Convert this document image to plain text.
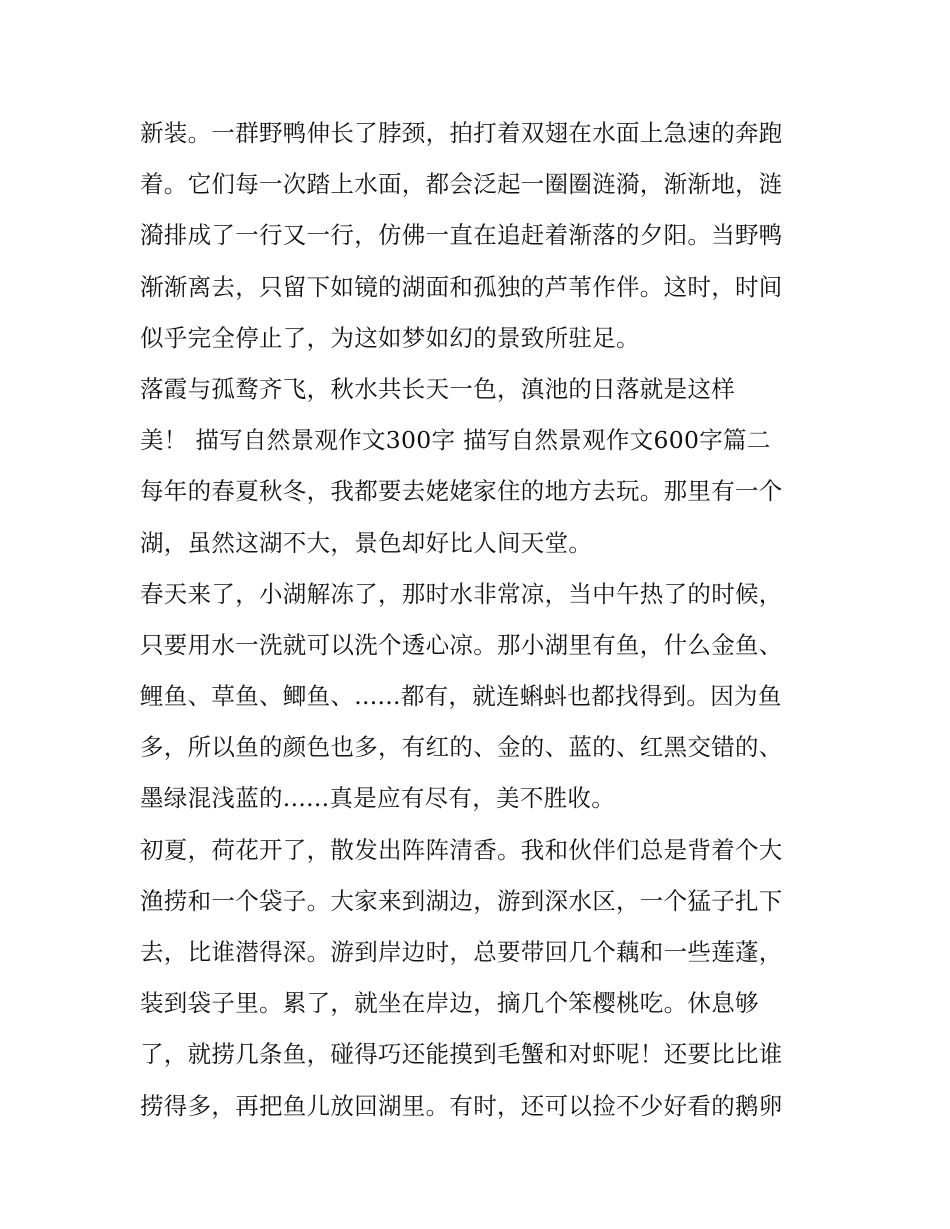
新装。一群野鸭伸长了脖颈，拍打着双翅在水面上急速的奔跑
着。它们每一次踏上水面，都会泛起一圈圈涟漪，渐渐地，涟
漪排成了一行又一行，仿佛一直在追赶着渐落的夕阳。当野鸭
渐渐离去，只留下如镜的湖面和孤独的芦苇作伴。这时，时间
似乎完全停止了，为这如梦如幻的景致所驻足。
落霞与孤鹜齐飞，秋水共长天一色，滇池的日落就是这样
美！ 描写自然景观作文300字 描写自然景观作文600字篇二
每年的春夏秋冬，我都要去姥姥家住的地方去玩。那里有一个
湖，虽然这湖不大，景色却好比人间天堂。
春天来了，小湖解冻了，那时水非常凉，当中午热了的时候，
只要用水一洗就可以洗个透心凉。那小湖里有鱼，什么金鱼、
鲤鱼、草鱼、鲫鱼、......都有，就连蝌蚪也都找得到。因为鱼
多，所以鱼的颜色也多，有红的、金的、蓝的、红黑交错的、
墨绿混浅蓝的......真是应有尽有，美不胜收。
初夏，荷花开了，散发出阵阵清香。我和伙伴们总是背着个大
渔捞和一个袋子。大家来到湖边，游到深水区，一个猛子扎下
去，比谁潜得深。游到岸边时，总要带回几个藕和一些莲蓬，
装到袋子里。累了，就坐在岸边，摘几个笨樱桃吃。休息够
了，就捞几条鱼，碰得巧还能摸到毛蟹和对虾呢！还要比比谁
捞得多，再把鱼儿放回湖里。有时，还可以捡不少好看的鹅卵
